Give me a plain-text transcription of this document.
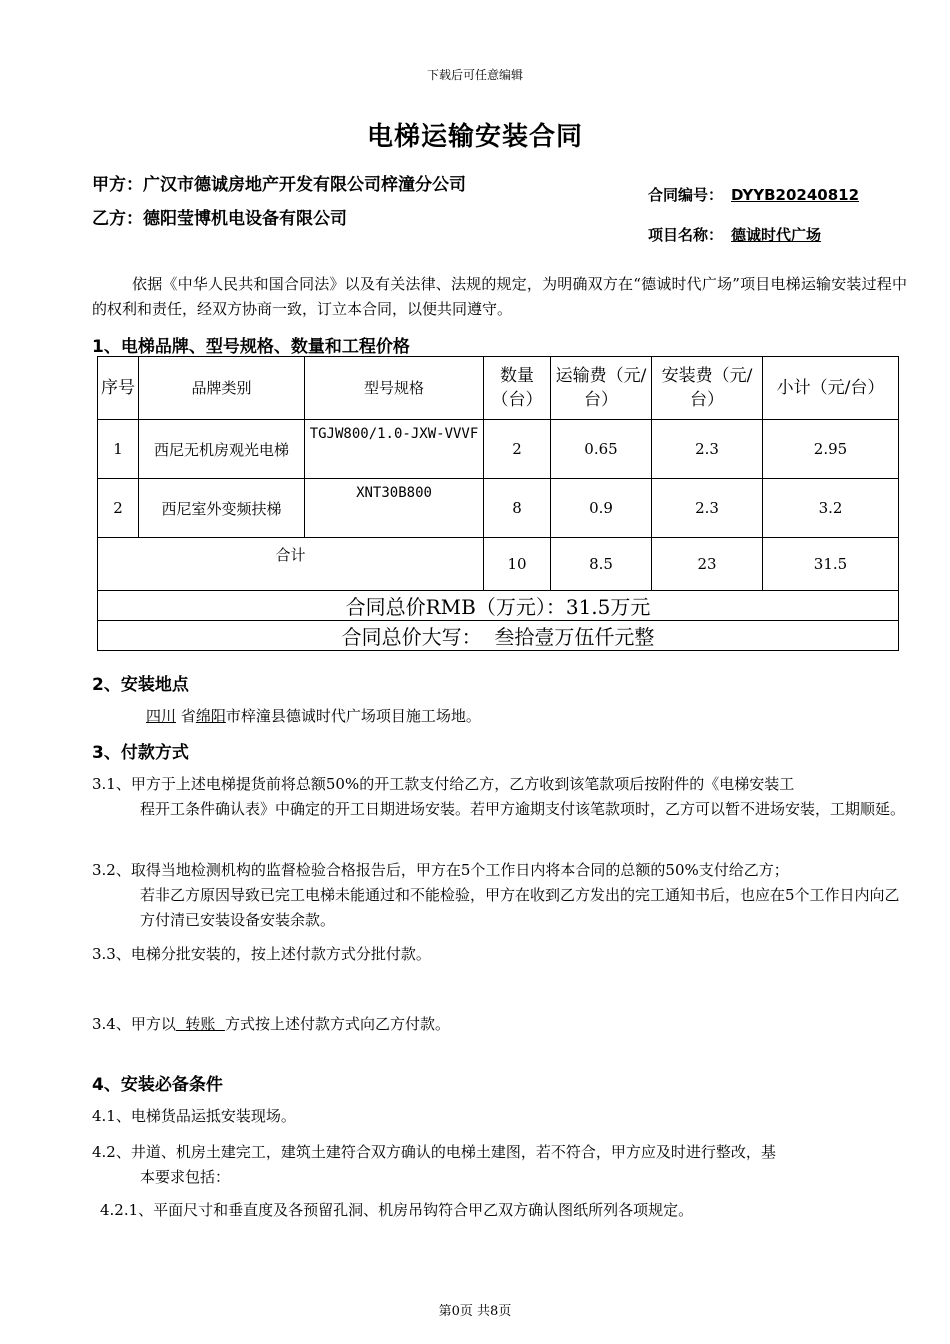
下载后可任意编辑
电梯运输安装合同
甲方：广汉市德诚房地产开发有限公司梓潼分公司
乙方：德阳莹博机电设备有限公司
合同编号： DYYB20240812
项目名称： 德诚时代广场
依据《中华人民共和国合同法》以及有关法律、法规的规定，为明确双方在“德诚时代广场”项目电梯运输安装过程中的权利和责任，经双方协商一致，订立本合同，以便共同遵守。
1、电梯品牌、型号规格、数量和工程价格
序号	品牌类别	型号规格	数量（台）	运输费（元/台）	安装费（元/台）	小计（元/台）
1	西尼无机房观光电梯	TGJW800/1.0-JXW-VVVF	2	0.65	2.3	2.95
2	西尼室外变频扶梯	XNT30B800	8	0.9	2.3	3.2
合计			10	8.5	23	31.5
合同总价RMB（万元）：31.5万元						
合同总价大写：  叁拾壹万伍仟元整						
2、安装地点
四川 省绵阳市梓潼县德诚时代广场项目施工场地。
3、付款方式
3.1、甲方于上述电梯提货前将总额50%的开工款支付给乙方，乙方收到该笔款项后按附件的《电梯安装工
程开工条件确认表》中确定的开工日期进场安装。若甲方逾期支付该笔款项时，乙方可以暂不进场安装，工期顺延。
3.2、取得当地检测机构的监督检验合格报告后，甲方在5个工作日内将本合同的总额的50%支付给乙方；
若非乙方原因导致已完工电梯未能通过和不能检验，甲方在收到乙方发出的完工通知书后，也应在5个工作日内向乙方付清已安装设备安装余款。
3.3、电梯分批安装的，按上述付款方式分批付款。
3.4、甲方以  转账  方式按上述付款方式向乙方付款。
4、安装必备条件
4.1、电梯货品运抵安装现场。
4.2、井道、机房土建完工，建筑土建符合双方确认的电梯土建图，若不符合，甲方应及时进行整改，基
本要求包括：
4.2.1、平面尺寸和垂直度及各预留孔洞、机房吊钩符合甲乙双方确认图纸所列各项规定。
第0页 共8页
